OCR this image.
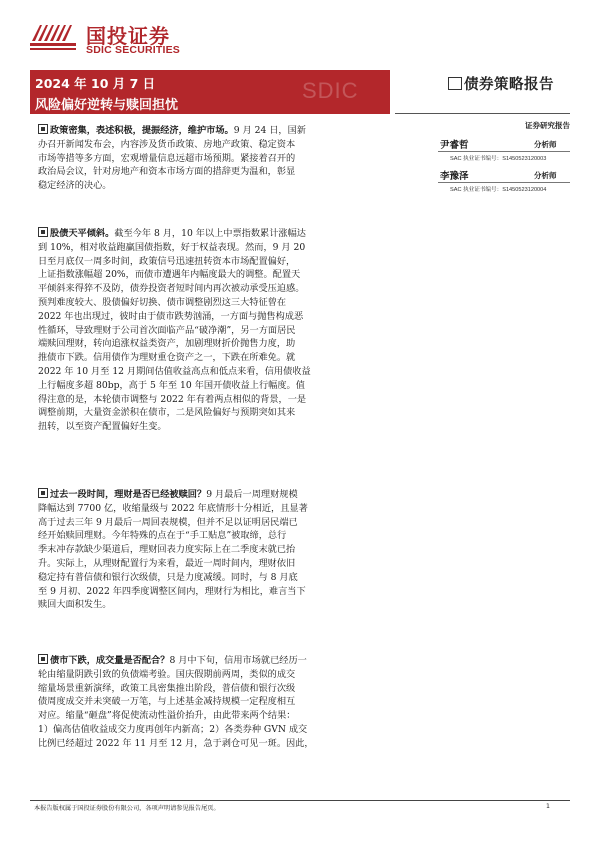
国投证券
SDIC SECURITIES
2024 年 10 月 7 日
风险偏好逆转与赎回担忧
SDIC	债券策略报告
证券研究报告
尹睿哲	分析师
SAC 执业证书编号：S1450523120003
李豫泽	分析师
SAC 执业证书编号：S1450523120004
政策密集，表述积极，提振经济，维护市场。9 月 24 日，国新
办召开新闻发布会，内容涉及货币政策、房地产政策、稳定资本
市场等措等多方面，宏观增量信息远超市场预期。紧接着召开的
政治局会议，针对房地产和资本市场方面的措辞更为温和，彰显
稳定经济的决心。
股债天平倾斜。截至今年 8 月，10 年以上中票指数累计涨幅达
到 10%，相对收益跑赢国债指数，好于权益表现。然而，9 月 20
日至月底仅一周多时间，政策信号迅速扭转资本市场配置偏好，
上证指数涨幅超 20%，而债市遭遇年内幅度最大的调整。配置天
平倾斜来得猝不及防，债券投资者短时间内再次被动承受压迫感。
预判难度较大、股债偏好切换、债市调整剧烈这三大特征曾在
2022 年也出现过，彼时由于债市跌势汹涌，一方面与抛售构成恶
性循环，导致理财于公司首次面临产品“破净潮”，另一方面居民
端赎回理财，转向追涨权益类资产，加剧理财折价抛售力度，助
推债市下跌。信用债作为理财重仓资产之一，下跌在所难免。就
2022 年 10 月至 12 月期间估值收益高点和低点来看，信用债收益
上行幅度多超 80bp，高于 5 年至 10 年国开债收益上行幅度。值
得注意的是，本轮债市调整与 2022 年有着两点相似的背景，一是
调整前期，大量资金淤积在债市，二是风险偏好与预期突如其来
扭转，以至资产配置偏好生变。
过去一段时间，理财是否已经被赎回？9 月最后一周理财规模
降幅达到 7700 亿，收缩量级与 2022 年底情形十分相近，且显著
高于过去三年 9 月最后一周回表规模，但并不足以证明居民端已
经开始赎回理财。今年特殊的点在于“手工贴息”被取缔，总行
季末冲存款缺少渠道后，理财回表力度实际上在二季度末就已抬
升。实际上，从理财配置行为来看，最近一周时间内，理财依旧
稳定持有普信债和银行次级债，只是力度减缓。同时，与 8 月底
至 9 月初、2022 年四季度调整区间内，理财行为相比，难言当下
赎回大面积发生。
债市下跌，成交量是否配合？8 月中下旬，信用市场就已经历一
轮由缩量阴跌引致的负债端考验。国庆假期前两周，类似的成交
缩量场景重新演绎，政策工具密集推出阶段，普信债和银行次级
债周度成交并未突破一万笔，与上述基金减持规模一定程度相互
对应。缩量“砸盘”将促使流动性溢价抬升，由此带来两个结果：
1）偏高估值收益成交力度再创年内新高；2）各类券种 GVN 成交
比例已经超过 2022 年 11 月至 12 月，急于剥仓可见一斑。因此，
本报告版权属于国投证券股份有限公司，各项声明请参见报告尾页。	1
